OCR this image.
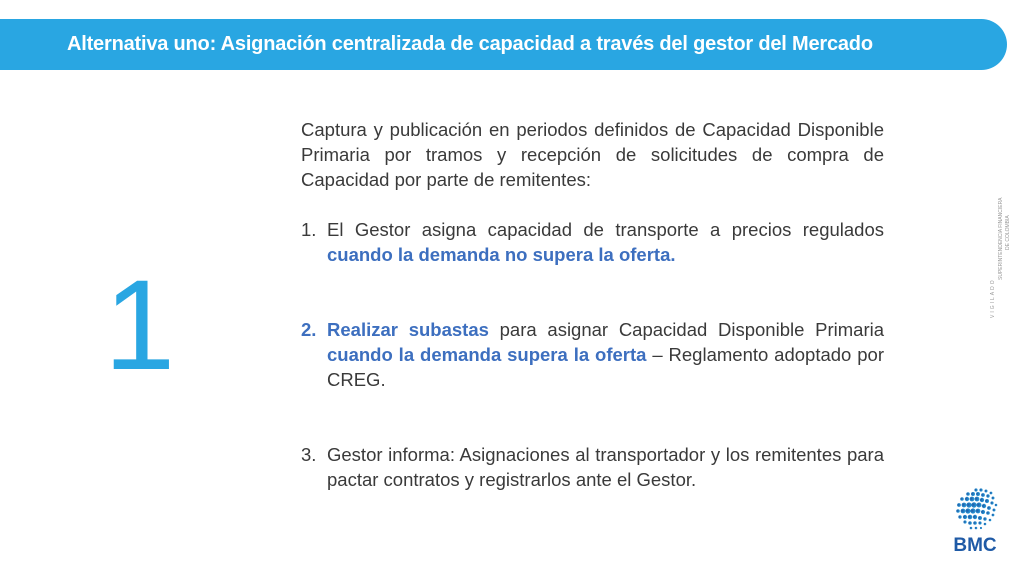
Alternativa uno: Asignación centralizada de capacidad a través del gestor del Mercado
1

Captura y publicación en periodos definidos de Capacidad Disponible Primaria por tramos y recepción de solicitudes de compra de Capacidad por parte de remitentes:

1. El Gestor asigna capacidad de transporte a precios regulados cuando la demanda no supera la oferta.

2. Realizar subastas para asignar Capacidad Disponible Primaria cuando la demanda supera la oferta – Reglamento adoptado por CREG.

3. Gestor informa: Asignaciones al transportador y los remitentes para pactar contratos y registrarlos ante el Gestor.

VIGILADO
SUPERINTENDENCIA FINANCIERA DE COLOMBIA
BMC
